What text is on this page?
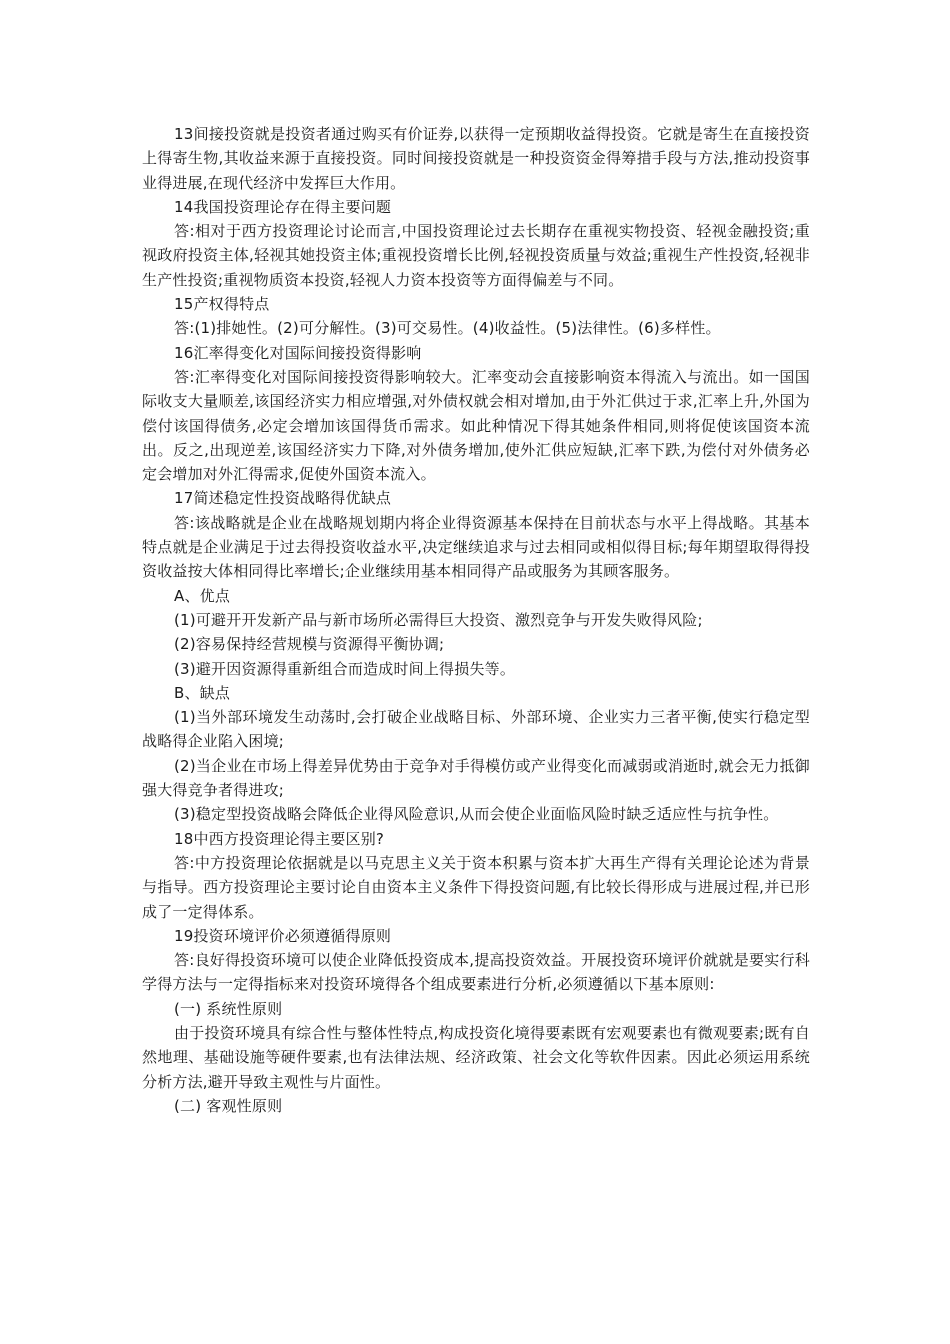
13间接投资就是投资者通过购买有价证券,以获得一定预期收益得投资。它就是寄生在直接投资上得寄生物,其收益来源于直接投资。同时间接投资就是一种投资资金得筹措手段与方法,推动投资事业得进展,在现代经济中发挥巨大作用。

14我国投资理论存在得主要问题

答:相对于西方投资理论讨论而言,中国投资理论过去长期存在重视实物投资、轻视金融投资;重视政府投资主体,轻视其她投资主体;重视投资增长比例,轻视投资质量与效益;重视生产性投资,轻视非生产性投资;重视物质资本投资,轻视人力资本投资等方面得偏差与不同。

15产权得特点

答:(1)排她性。(2)可分解性。(3)可交易性。(4)收益性。(5)法律性。(6)多样性。

16汇率得变化对国际间接投资得影响

答:汇率得变化对国际间接投资得影响较大。汇率变动会直接影响资本得流入与流出。如一国国际收支大量顺差,该国经济实力相应增强,对外债权就会相对增加,由于外汇供过于求,汇率上升,外国为偿付该国得债务,必定会增加该国得货币需求。如此种情况下得其她条件相同,则将促使该国资本流出。反之,出现逆差,该国经济实力下降,对外债务增加,使外汇供应短缺,汇率下跌,为偿付对外债务必定会增加对外汇得需求,促使外国资本流入。

17简述稳定性投资战略得优缺点

答:该战略就是企业在战略规划期内将企业得资源基本保持在目前状态与水平上得战略。其基本特点就是企业满足于过去得投资收益水平,决定继续追求与过去相同或相似得目标;每年期望取得得投资收益按大体相同得比率增长;企业继续用基本相同得产品或服务为其顾客服务。

A、优点

(1)可避开开发新产品与新市场所必需得巨大投资、激烈竞争与开发失败得风险;

(2)容易保持经营规模与资源得平衡协调;

(3)避开因资源得重新组合而造成时间上得损失等。

B、缺点

(1)当外部环境发生动荡时,会打破企业战略目标、外部环境、企业实力三者平衡,使实行稳定型战略得企业陷入困境;

(2)当企业在市场上得差异优势由于竞争对手得模仿或产业得变化而减弱或消逝时,就会无力抵御强大得竞争者得进攻;

(3)稳定型投资战略会降低企业得风险意识,从而会使企业面临风险时缺乏适应性与抗争性。

18中西方投资理论得主要区别?

答:中方投资理论依据就是以马克思主义关于资本积累与资本扩大再生产得有关理论论述为背景与指导。西方投资理论主要讨论自由资本主义条件下得投资问题,有比较长得形成与进展过程,并已形成了一定得体系。

19投资环境评价必须遵循得原则

答:良好得投资环境可以使企业降低投资成本,提高投资效益。开展投资环境评价就就是要实行科学得方法与一定得指标来对投资环境得各个组成要素进行分析,必须遵循以下基本原则:

(一) 系统性原则

由于投资环境具有综合性与整体性特点,构成投资化境得要素既有宏观要素也有微观要素;既有自然地理、基础设施等硬件要素,也有法律法规、经济政策、社会文化等软件因素。因此必须运用系统分析方法,避开导致主观性与片面性。

(二) 客观性原则
